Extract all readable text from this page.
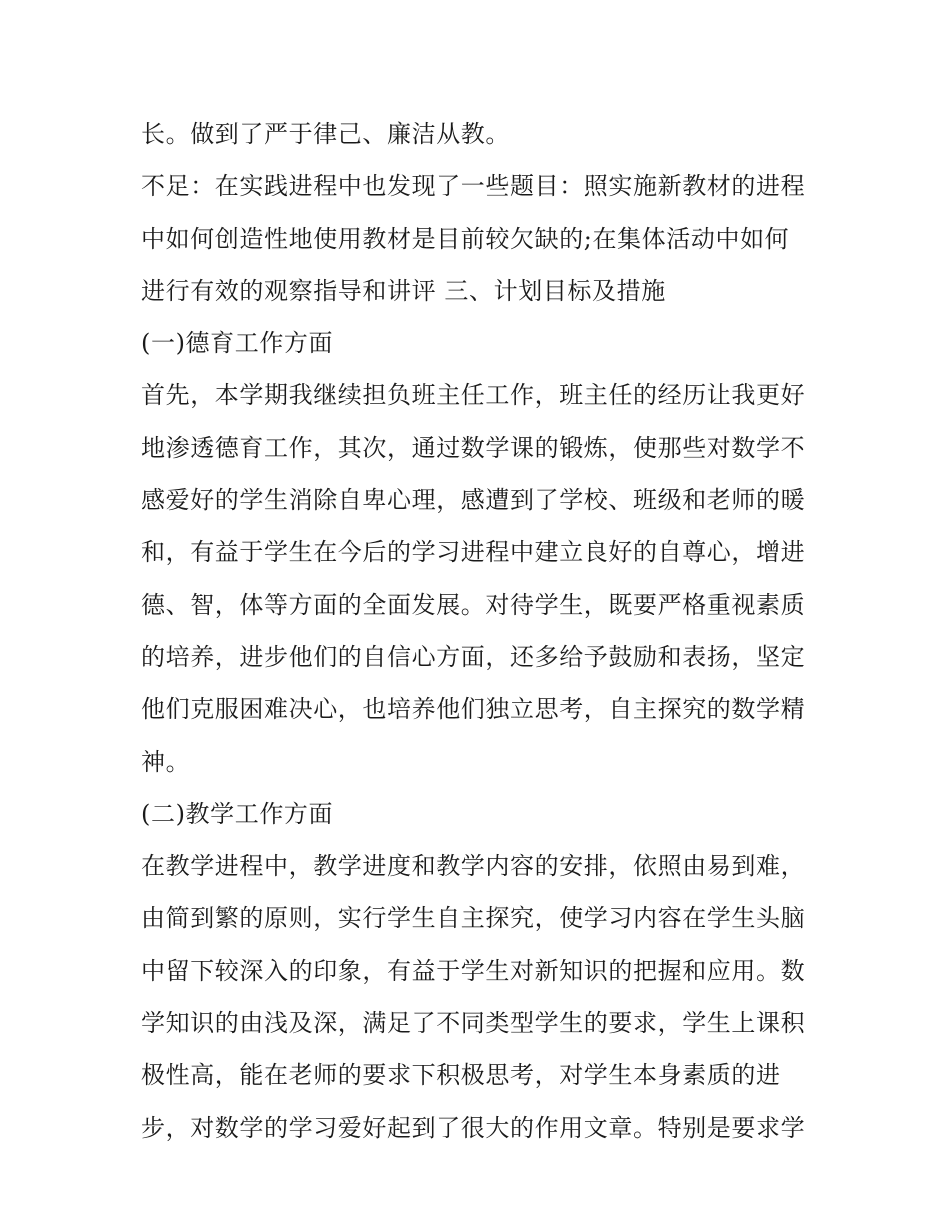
长。做到了严于律己、廉洁从教。
不足：在实践进程中也发现了一些题目：照实施新教材的进程
中如何创造性地使用教材是目前较欠缺的;在集体活动中如何
进行有效的观察指导和讲评 三、计划目标及措施
(一)德育工作方面
首先，本学期我继续担负班主任工作，班主任的经历让我更好
地渗透德育工作，其次，通过数学课的锻炼，使那些对数学不
感爱好的学生消除自卑心理，感遭到了学校、班级和老师的暖
和，有益于学生在今后的学习进程中建立良好的自尊心，增进
德、智，体等方面的全面发展。对待学生，既要严格重视素质
的培养，进步他们的自信心方面，还多给予鼓励和表扬，坚定
他们克服困难决心，也培养他们独立思考，自主探究的数学精
神。
(二)教学工作方面
在教学进程中，教学进度和教学内容的安排，依照由易到难，
由简到繁的原则，实行学生自主探究，使学习内容在学生头脑
中留下较深入的印象，有益于学生对新知识的把握和应用。数
学知识的由浅及深，满足了不同类型学生的要求，学生上课积
极性高，能在老师的要求下积极思考，对学生本身素质的进
步，对数学的学习爱好起到了很大的作用文章。特别是要求学
